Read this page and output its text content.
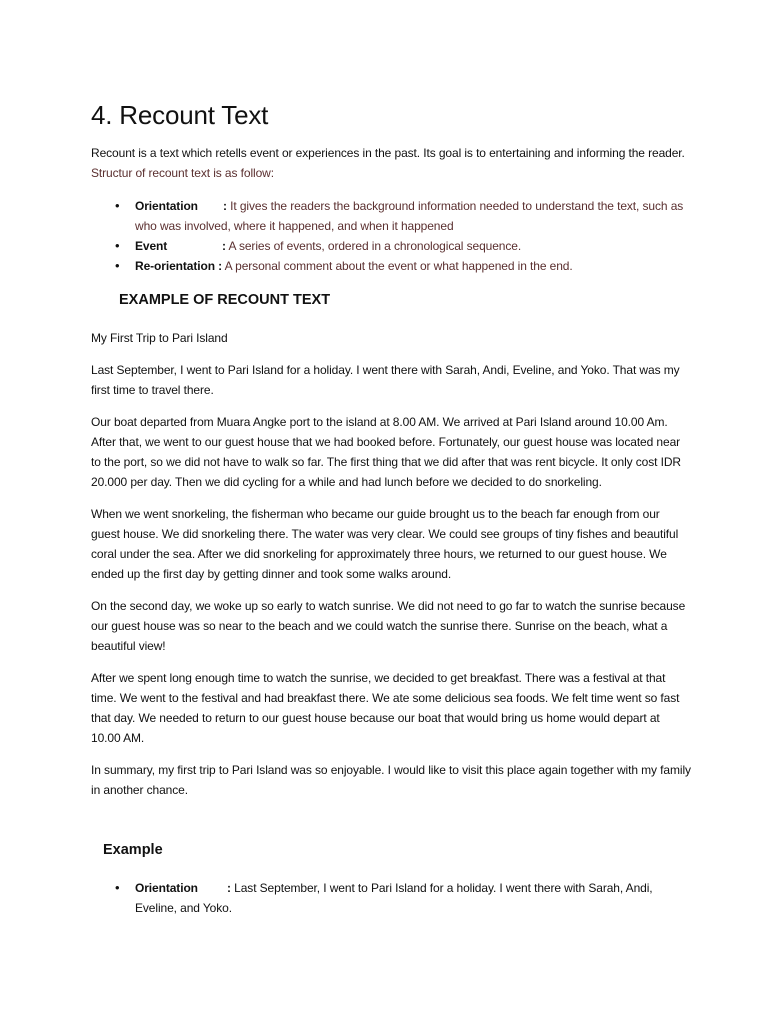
4. Recount Text
Recount is a text which retells event or experiences in the past. Its goal is to entertaining and informing the reader. Structur of recount text is as follow:
• Orientation : It gives the readers the background information needed to understand the text, such as who was involved, where it happened, and when it happened
• Event	: A series of events, ordered in a chronological sequence.
• Re-orientation : A personal comment about the event or what happened in the end.
EXAMPLE OF RECOUNT TEXT

My First Trip to Pari Island

Last September, I went to Pari Island for a holiday. I went there with Sarah, Andi, Eveline, and Yoko. That was my first time to travel there.

Our boat departed from Muara Angke port to the island at 8.00 AM. We arrived at Pari Island around 10.00 Am. After that, we went to our guest house that we had booked before. Fortunately, our guest house was located near to the port, so we did not have to walk so far. The first thing that we did after that was rent bicycle. It only cost IDR 20.000 per day. Then we did cycling for a while and had lunch before we decided to do snorkeling.

When we went snorkeling, the fisherman who became our guide brought us to the beach far enough from our guest house. We did snorkeling there. The water was very clear. We could see groups of tiny fishes and beautiful coral under the sea. After we did snorkeling for approximately three hours, we returned to our guest house. We ended up the first day by getting dinner and took some walks around.

On the second day, we woke up so early to watch sunrise. We did not need to go far to watch the sunrise because our guest house was so near to the beach and we could watch the sunrise there. Sunrise on the beach, what a beautiful view!

After we spent long enough time to watch the sunrise, we decided to get breakfast. There was a festival at that time. We went to the festival and had breakfast there. We ate some delicious sea foods. We felt time went so fast that day. We needed to return to our guest house because our boat that would bring us home would depart at 10.00 AM.

In summary, my first trip to Pari Island was so enjoyable. I would like to visit this place again together with my family in another chance.

Example
• Orientation : Last September, I went to Pari Island for a holiday. I went there with Sarah, Andi, Eveline, and Yoko.
